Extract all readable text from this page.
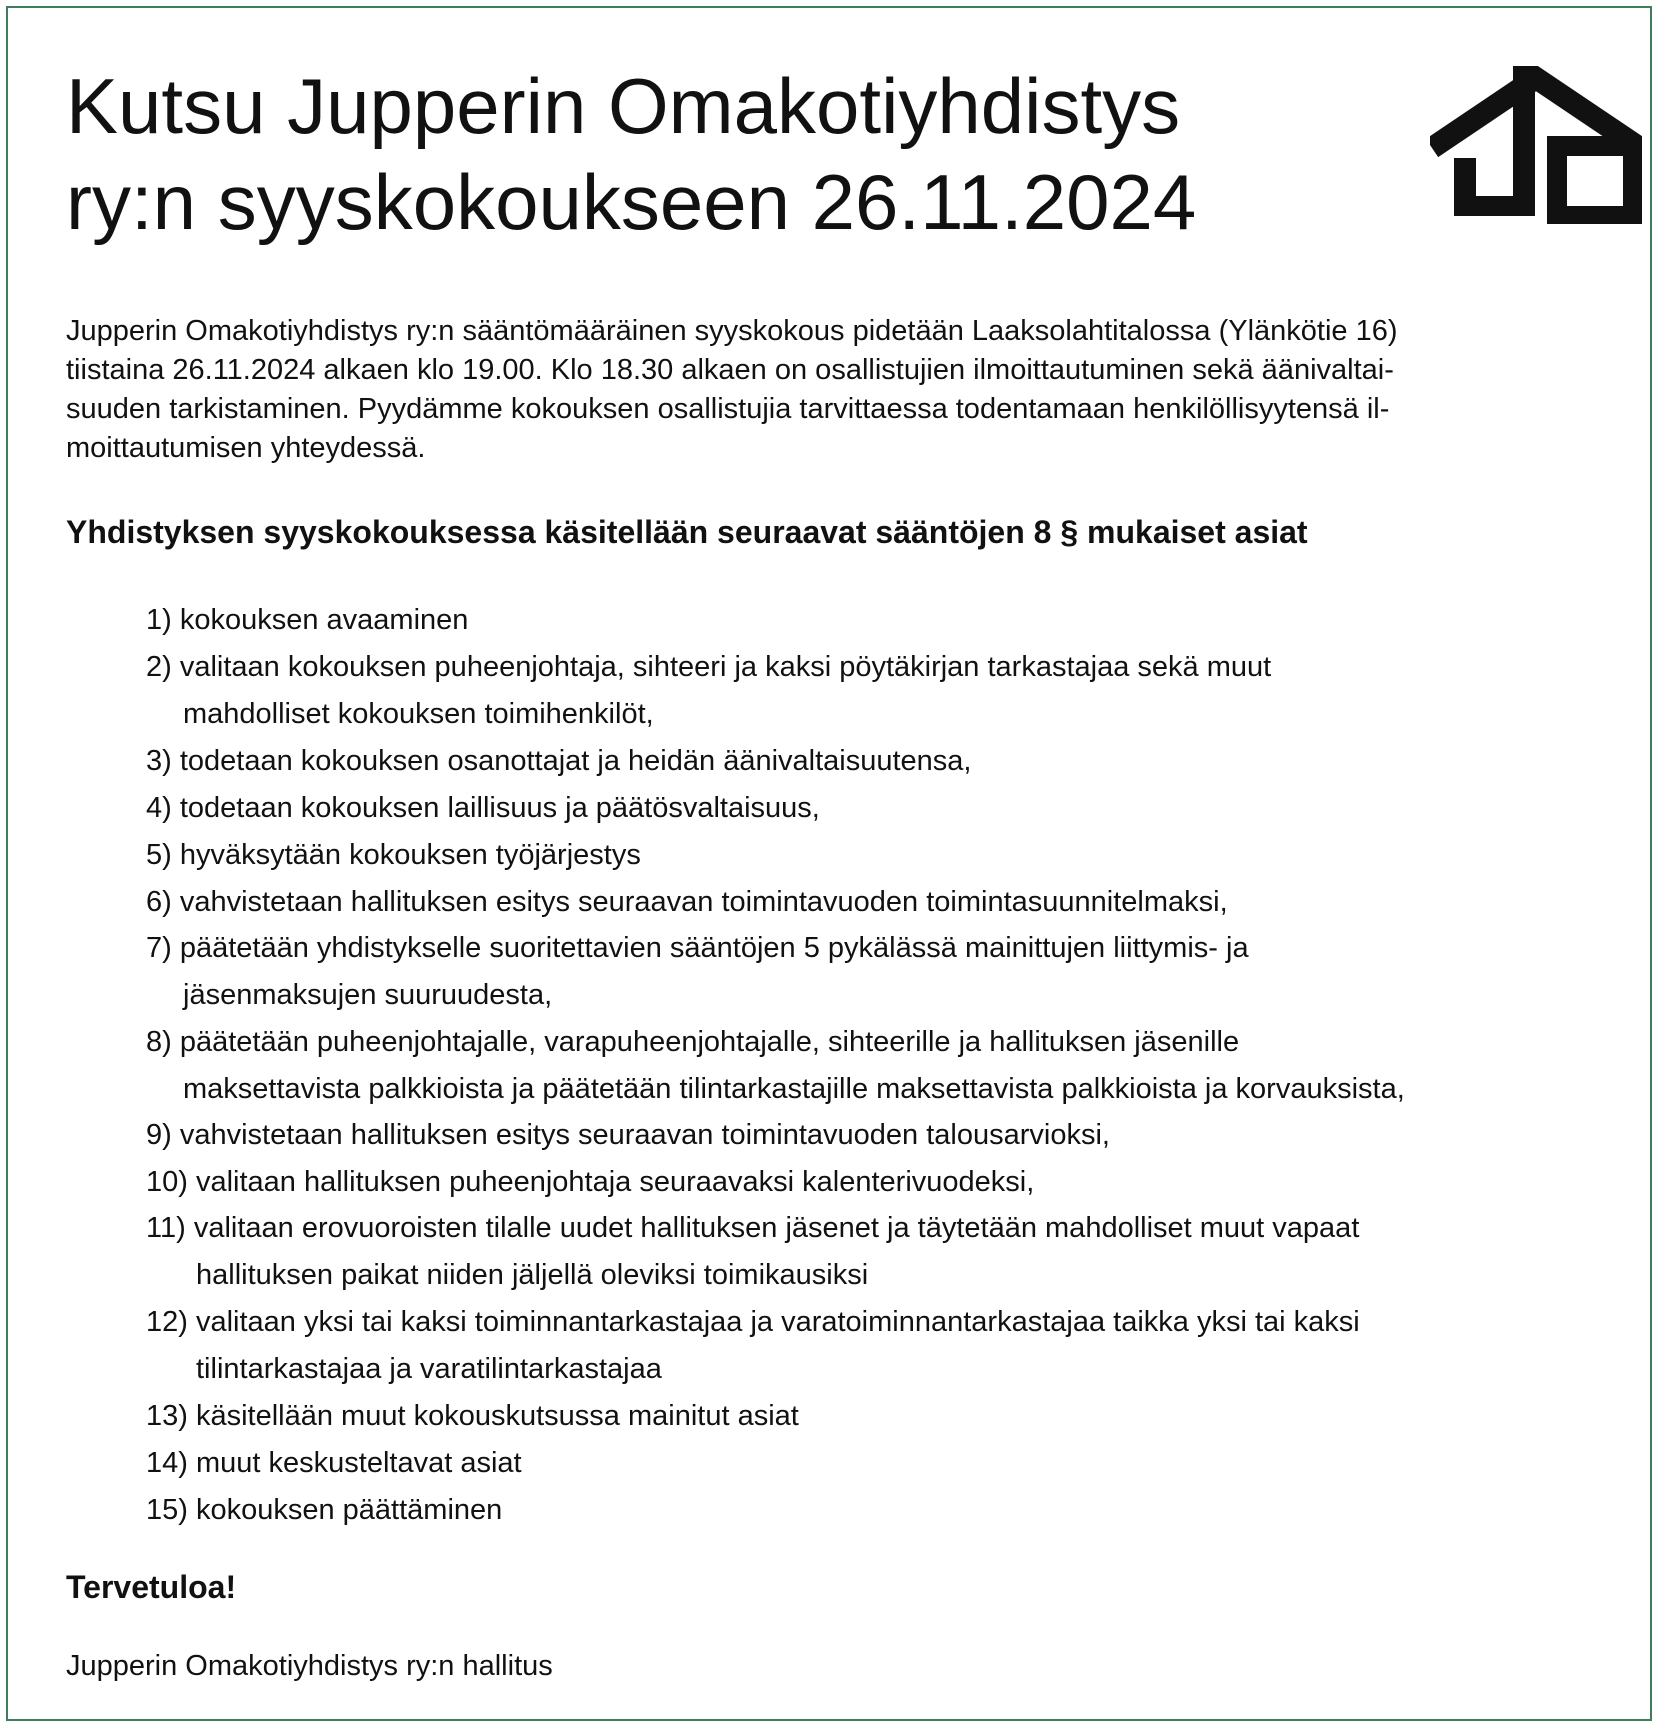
Kutsu Jupperin Omakotiyhdistys
ry:n syyskokoukseen 26.11.2024

Jupperin Omakotiyhdistys ry:n sääntömääräinen syyskokous pidetään Laaksolahtitalossa (Ylänkötie 16)
tiistaina 26.11.2024 alkaen klo 19.00. Klo 18.30 alkaen on osallistujien ilmoittautuminen sekä äänivaltai-
suuden tarkistaminen. Pyydämme kokouksen osallistujia tarvittaessa todentamaan henkilöllisyytensä il-
moittautumisen yhteydessä.

Yhdistyksen syyskokouksessa käsitellään seuraavat sääntöjen 8 § mukaiset asiat
1) kokouksen avaaminen
2) valitaan kokouksen puheenjohtaja, sihteeri ja kaksi pöytäkirjan tarkastajaa sekä muut
mahdolliset kokouksen toimihenkilöt,
3) todetaan kokouksen osanottajat ja heidän äänivaltaisuutensa,
4) todetaan kokouksen laillisuus ja päätösvaltaisuus,
5) hyväksytään kokouksen työjärjestys
6) vahvistetaan hallituksen esitys seuraavan toimintavuoden toimintasuunnitelmaksi,
7) päätetään yhdistykselle suoritettavien sääntöjen 5 pykälässä mainittujen liittymis- ja
jäsenmaksujen suuruudesta,
8) päätetään puheenjohtajalle, varapuheenjohtajalle, sihteerille ja hallituksen jäsenille
maksettavista palkkioista ja päätetään tilintarkastajille maksettavista palkkioista ja korvauksista,
9) vahvistetaan hallituksen esitys seuraavan toimintavuoden talousarvioksi,
10) valitaan hallituksen puheenjohtaja seuraavaksi kalenterivuodeksi,
11) valitaan erovuoroisten tilalle uudet hallituksen jäsenet ja täytetään mahdolliset muut vapaat
hallituksen paikat niiden jäljellä oleviksi toimikausiksi
12) valitaan yksi tai kaksi toiminnantarkastajaa ja varatoiminnantarkastajaa taikka yksi tai kaksi
tilintarkastajaa ja varatilintarkastajaa
13) käsitellään muut kokouskutsussa mainitut asiat
14) muut keskusteltavat asiat
15) kokouksen päättäminen

Tervetuloa!

Jupperin Omakotiyhdistys ry:n hallitus
